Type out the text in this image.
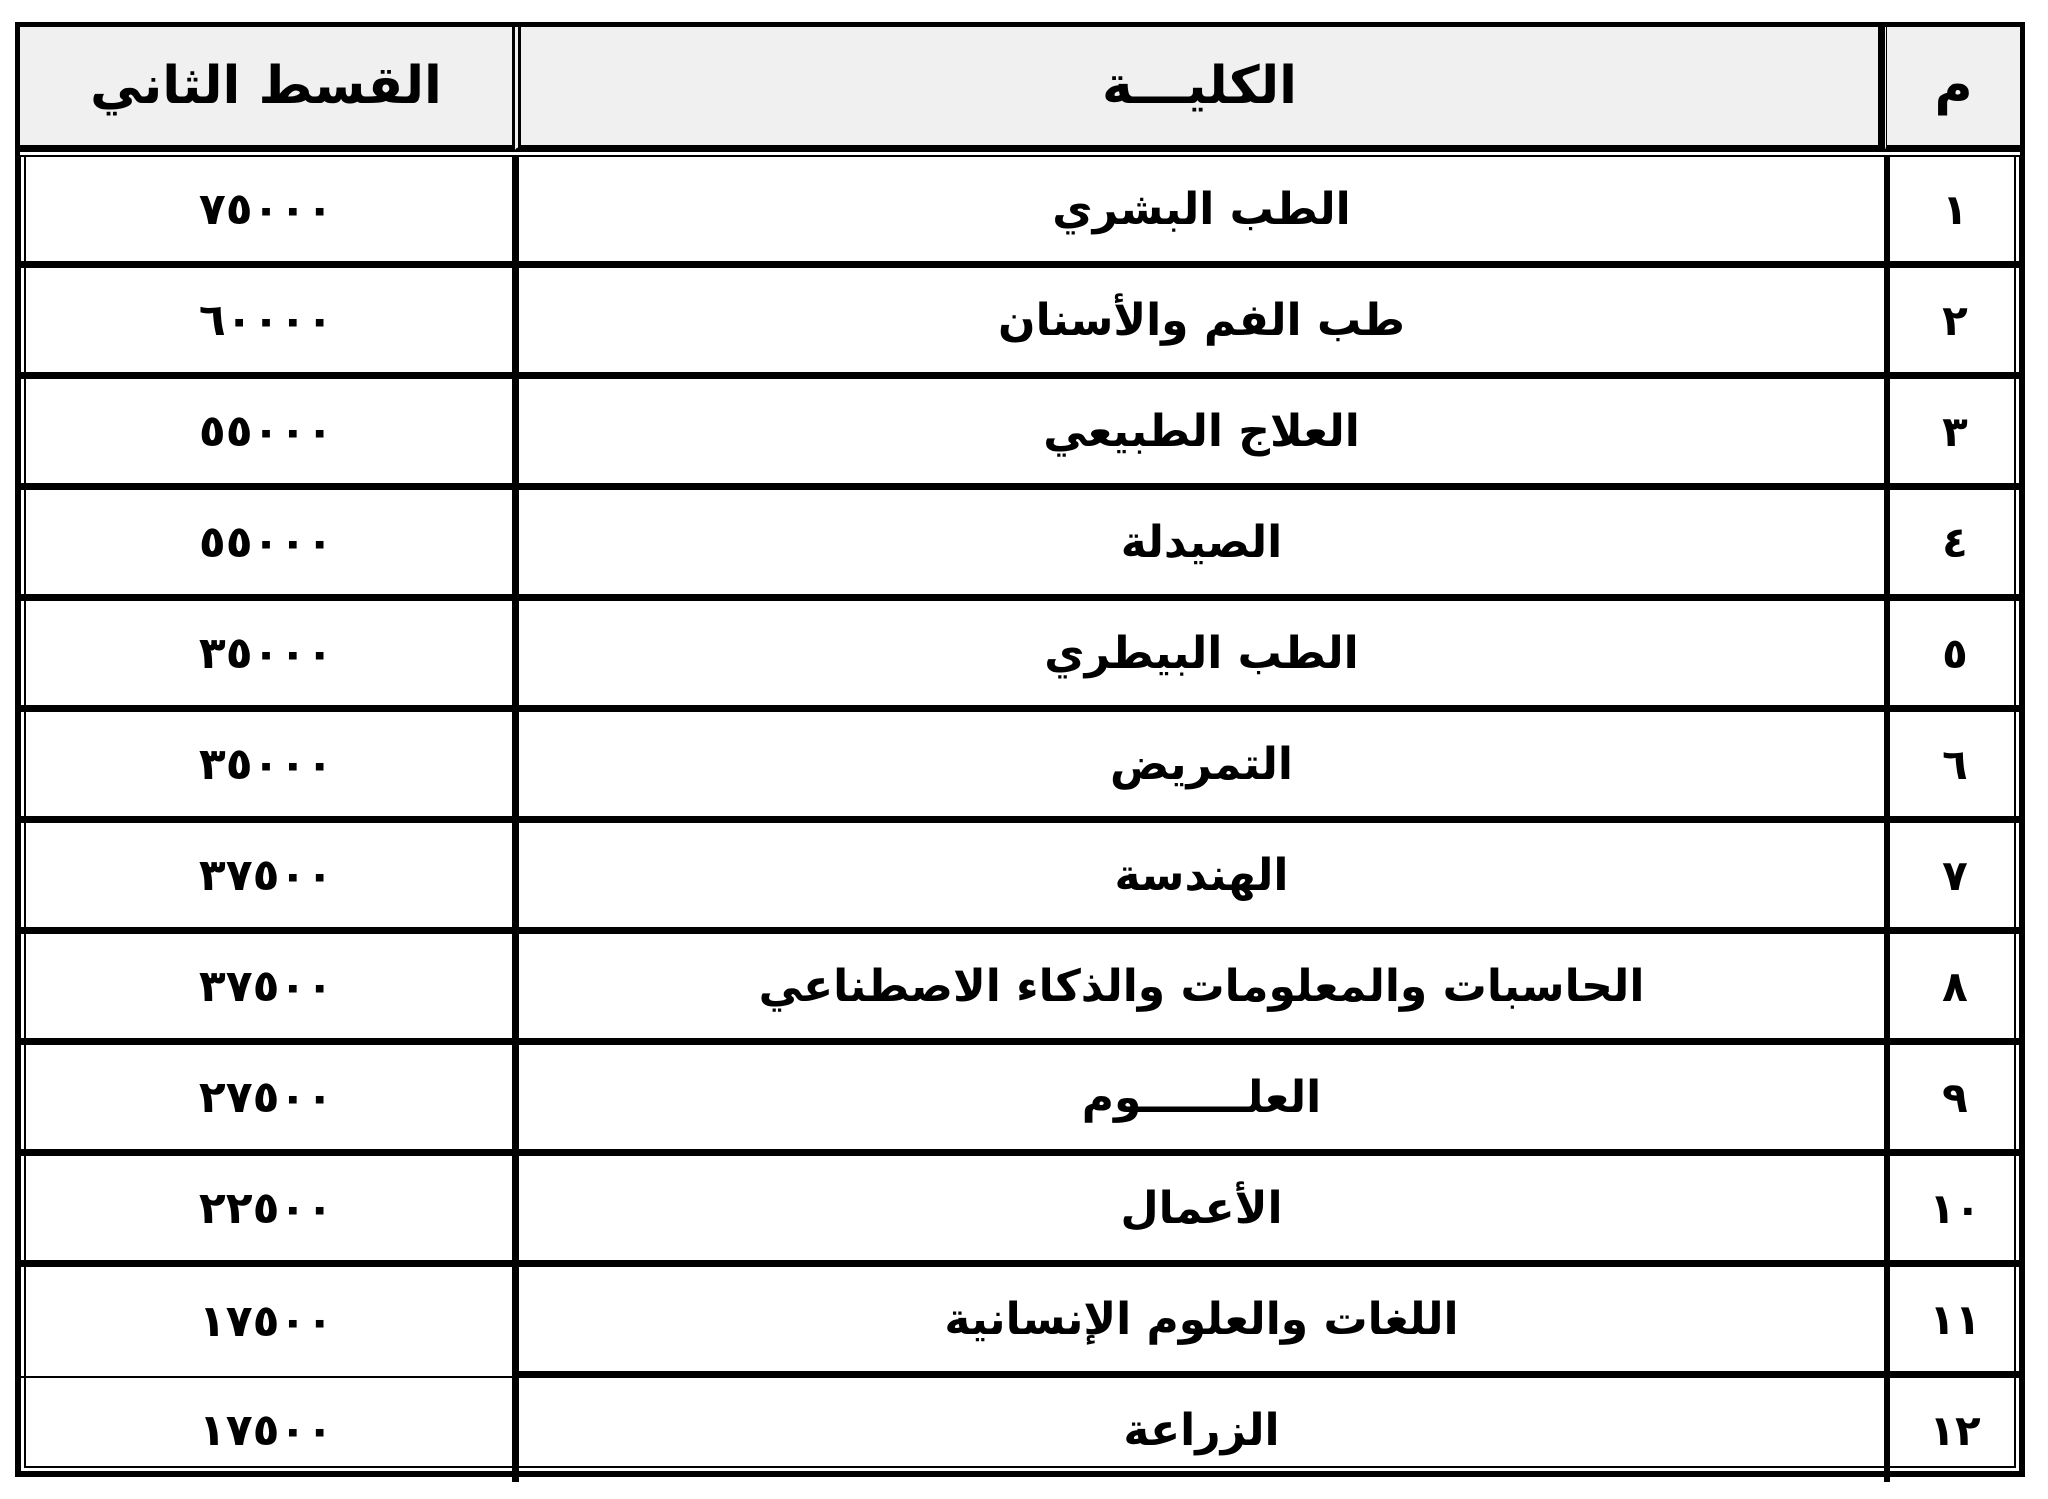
م	الكليـــة	القسط الثاني

١	الطب البشري	٧٥٠٠٠
٢	طب الفم والأسنان	٦٠٠٠٠
٣	العلاج الطبيعي	٥٥٠٠٠
٤	الصيدلة	٥٥٠٠٠
٥	الطب البيطري	٣٥٠٠٠
٦	التمريض	٣٥٠٠٠
٧	الهندسة	٣٧٥٠٠
٨	الحاسبات والمعلومات والذكاء الاصطناعي	٣٧٥٠٠
٩	العلـــــــوم	٢٧٥٠٠
١٠	الأعمال	٢٢٥٠٠
١١	اللغات والعلوم الإنسانية	١٧٥٠٠
١٢	الزراعة	١٧٥٠٠
